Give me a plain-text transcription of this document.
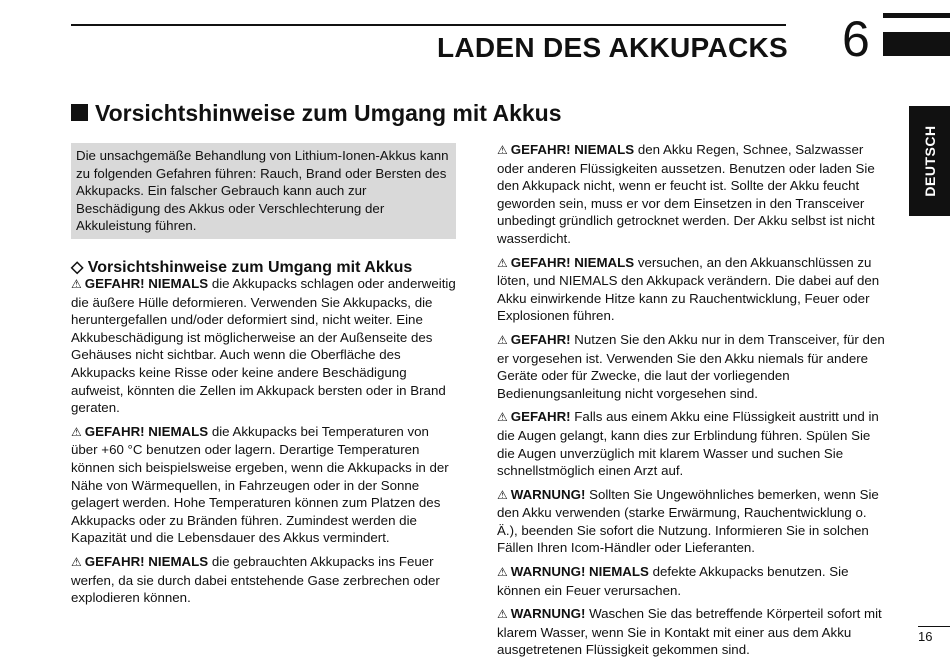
LADEN DES AKKUPACKS 6
DEUTSCH
Vorsichtshinweise zum Umgang mit Akkus
Die unsachgemäße Behandlung von Lithium-Ionen-Akkus kann zu folgenden Gefahren führen: Rauch, Brand oder Bersten des Akkupacks. Ein falscher Gebrauch kann auch zur Beschädigung des Akkus oder Verschlechterung der Akkuleistung führen.
◇ Vorsichtshinweise zum Umgang mit Akkus

⚠ GEFAHR! NIEMALS die Akkupacks schlagen oder anderweitig die äußere Hülle deformieren. Verwenden Sie Akkupacks, die heruntergefallen und/oder deformiert sind, nicht weiter. Eine Akkubeschädigung ist möglicherweise an der Außenseite des Gehäuses nicht sichtbar. Auch wenn die Oberfläche des Akkupacks keine Risse oder keine andere Beschädigung aufweist, könnten die Zellen im Akkupack bersten oder in Brand geraten.

⚠ GEFAHR! NIEMALS die Akkupacks bei Temperaturen von über +60 °C benutzen oder lagern. Derartige Temperaturen können sich beispielsweise ergeben, wenn die Akkupacks in der Nähe von Wärmequellen, in Fahrzeugen oder in der Sonne gelagert werden. Hohe Temperaturen können zum Platzen des Akkupacks oder zu Bränden führen. Zumindest werden die Kapazität und die Lebensdauer des Akkus vermindert.

⚠ GEFAHR! NIEMALS die gebrauchten Akkupacks ins Feuer werfen, da sie durch dabei entstehende Gase zerbrechen oder explodieren können.

⚠ GEFAHR! NIEMALS den Akku Regen, Schnee, Salzwasser oder anderen Flüssigkeiten aussetzen. Benutzen oder laden Sie den Akkupack nicht, wenn er feucht ist. Sollte der Akku feucht geworden sein, muss er vor dem Einsetzen in den Transceiver unbedingt gründlich getrocknet werden. Der Akku selbst ist nicht wasserdicht.

⚠ GEFAHR! NIEMALS versuchen, an den Akkuanschlüssen zu löten, und NIEMALS den Akkupack verändern. Die dabei auf den Akku einwirkende Hitze kann zu Rauchentwicklung, Feuer oder Explosionen führen.

⚠ GEFAHR! Nutzen Sie den Akku nur in dem Transceiver, für den er vorgesehen ist. Verwenden Sie den Akku niemals für andere Geräte oder für Zwecke, die laut der vorliegenden Bedienungsanleitung nicht vorgesehen sind.

⚠ GEFAHR! Falls aus einem Akku eine Flüssigkeit austritt und in die Augen gelangt, kann dies zur Erblindung führen. Spülen Sie die Augen unverzüglich mit klarem Wasser und suchen Sie schnellstmöglich einen Arzt auf.

⚠ WARNUNG! Sollten Sie Ungewöhnliches bemerken, wenn Sie den Akku verwenden (starke Erwärmung, Rauchentwicklung o. Ä.), beenden Sie sofort die Nutzung. Informieren Sie in solchen Fällen Ihren Icom-Händler oder Lieferanten.

⚠ WARNUNG! NIEMALS defekte Akkupacks benutzen. Sie können ein Feuer verursachen.

⚠ WARNUNG! Waschen Sie das betreffende Körperteil sofort mit klarem Wasser, wenn Sie in Kontakt mit einer aus dem Akku ausgetretenen Flüssigkeit gekommen sind.

16
